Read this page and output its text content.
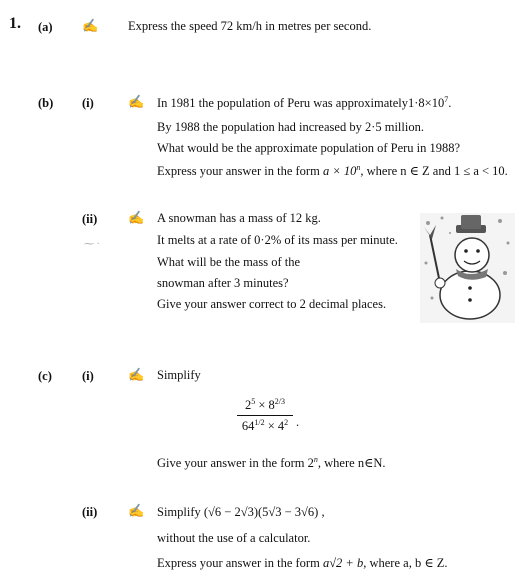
1. (a) ✍ Express the speed 72 km/h in metres per second.
(b) (i)	✍ In 1981 the population of Peru was $approximately1\cdot 8\times 10^7$.
By 1988 the population had increased by 2·5 million.
What would be the approximate population of Peru in 1988?
Express your answer in the form $a \times 10^n$, where n ∈ Z and 1 ≤ a < 10.
(ii) ✍ A snowman has a mass of 12 kg.
It melts at a rate of 0·2% of its mass per minute.
What will be the mass of the
snowman after 3 minutes?
Give your answer correct to 2 decimal places.
⁓ ·
(c) (i)	✍ Simplify
$2^5 \times 8^{2/3}$
$64^{1/2} \times 4^2$ .
Give your answer in the form 2$^n$, where n∈N.
(ii) ✍ Simplify (√6 − 2√3)(5√3 − 3√6) ,
without the use of a calculator.
Express your answer in the form a√2 + b, where a, b ∈ Z.
